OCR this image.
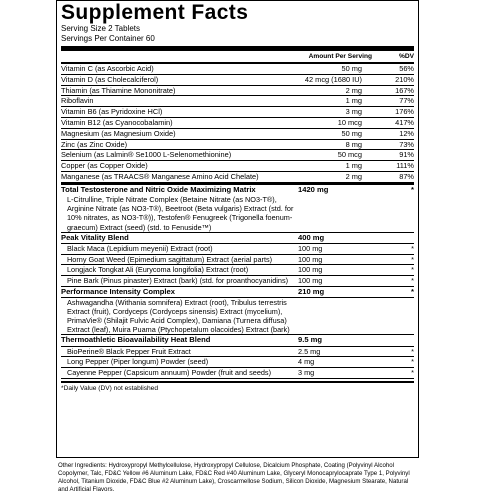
Supplement Facts
Serving Size 2 Tablets
Servings Per Container 60
Amount Per Serving	%DV
Vitamin C (as Ascorbic Acid)	50 mg	56%
Vitamin D (as Cholecalciferol)	42 mcg (1680 IU)	210%
Thiamin (as Thiamine Mononitrate)	2 mg	167%
Riboflavin	1 mg	77%
Vitamin B6 (as Pyridoxine HCl)	3 mg	176%
Vitamin B12 (as Cyanocobalamin)	10 mcg	417%
Magnesium (as Magnesium Oxide)	50 mg	12%
Zinc (as Zinc Oxide)	8 mg	73%
Selenium (as Lalmin® Se1000 L-Selenomethionine)	50 mcg	91%
Copper (as Copper Oxide)	1 mg	111%
Manganese (as TRAACS® Manganese Amino Acid Chelate)	2 mg	87%
Total Testosterone and Nitric Oxide Maximizing Matrix	1420 mg	*
L-Citrulline, Triple Nitrate Complex (Betaine Nitrate (as NO3-T®), Arginine Nitrate (as NO3-T®), Beetroot (Beta vulgaris) Extract (std. for 10% nitrates, as NO3-T®)), Testofen® Fenugreek (Trigonella foenum-graecum) Extract (seed) (std. to Fenuside™)
Peak Vitality Blend	400 mg
Black Maca (Lepidium meyenii) Extract (root)	100 mg	*
Horny Goat Weed (Epimedium sagittatum) Extract (aerial parts)	100 mg	*
Longjack Tongkat Ali (Eurycoma longifolia) Extract (root)	100 mg	*
Pine Bark (Pinus pinaster) Extract (bark) (std. for proanthocyanidins)	100 mg	*
Performance Intensity Complex	210 mg	*
Ashwagandha (Withania somnifera) Extract (root), Tribulus terrestris Extract (fruit), Cordyceps (Cordyceps sinensis) Extract (mycelium), PrimaVie® (Shilajit Fulvic Acid Complex), Damiana (Turnera diffusa) Extract (leaf), Muira Puama (Ptychopetalum olacoides) Extract (bark)
Thermoathletic Bioavailability Heat Blend	9.5 mg
BioPerine® Black Pepper Fruit Extract	2.5 mg	*
Long Pepper (Piper longum) Powder (seed)	4 mg	*
Cayenne Pepper (Capsicum annuum) Powder (fruit and seeds)	3 mg	*
*Daily Value (DV) not established
Other Ingredients: Hydroxypropyl Methylcellulose, Hydroxypropyl Cellulose, Dicalcium Phosphate, Coating (Polyvinyl Alcohol Copolymer, Talc, FD&C Yellow #6 Aluminum Lake, FD&C Red #40 Aluminum Lake, Glyceryl Monocaprylocaprate Type 1, Polyvinyl Alcohol, Titanium Dioxide, FD&C Blue #2 Aluminum Lake), Croscarmellose Sodium, Silicon Dioxide, Magnesium Stearate, Natural and Artificial Flavors.
